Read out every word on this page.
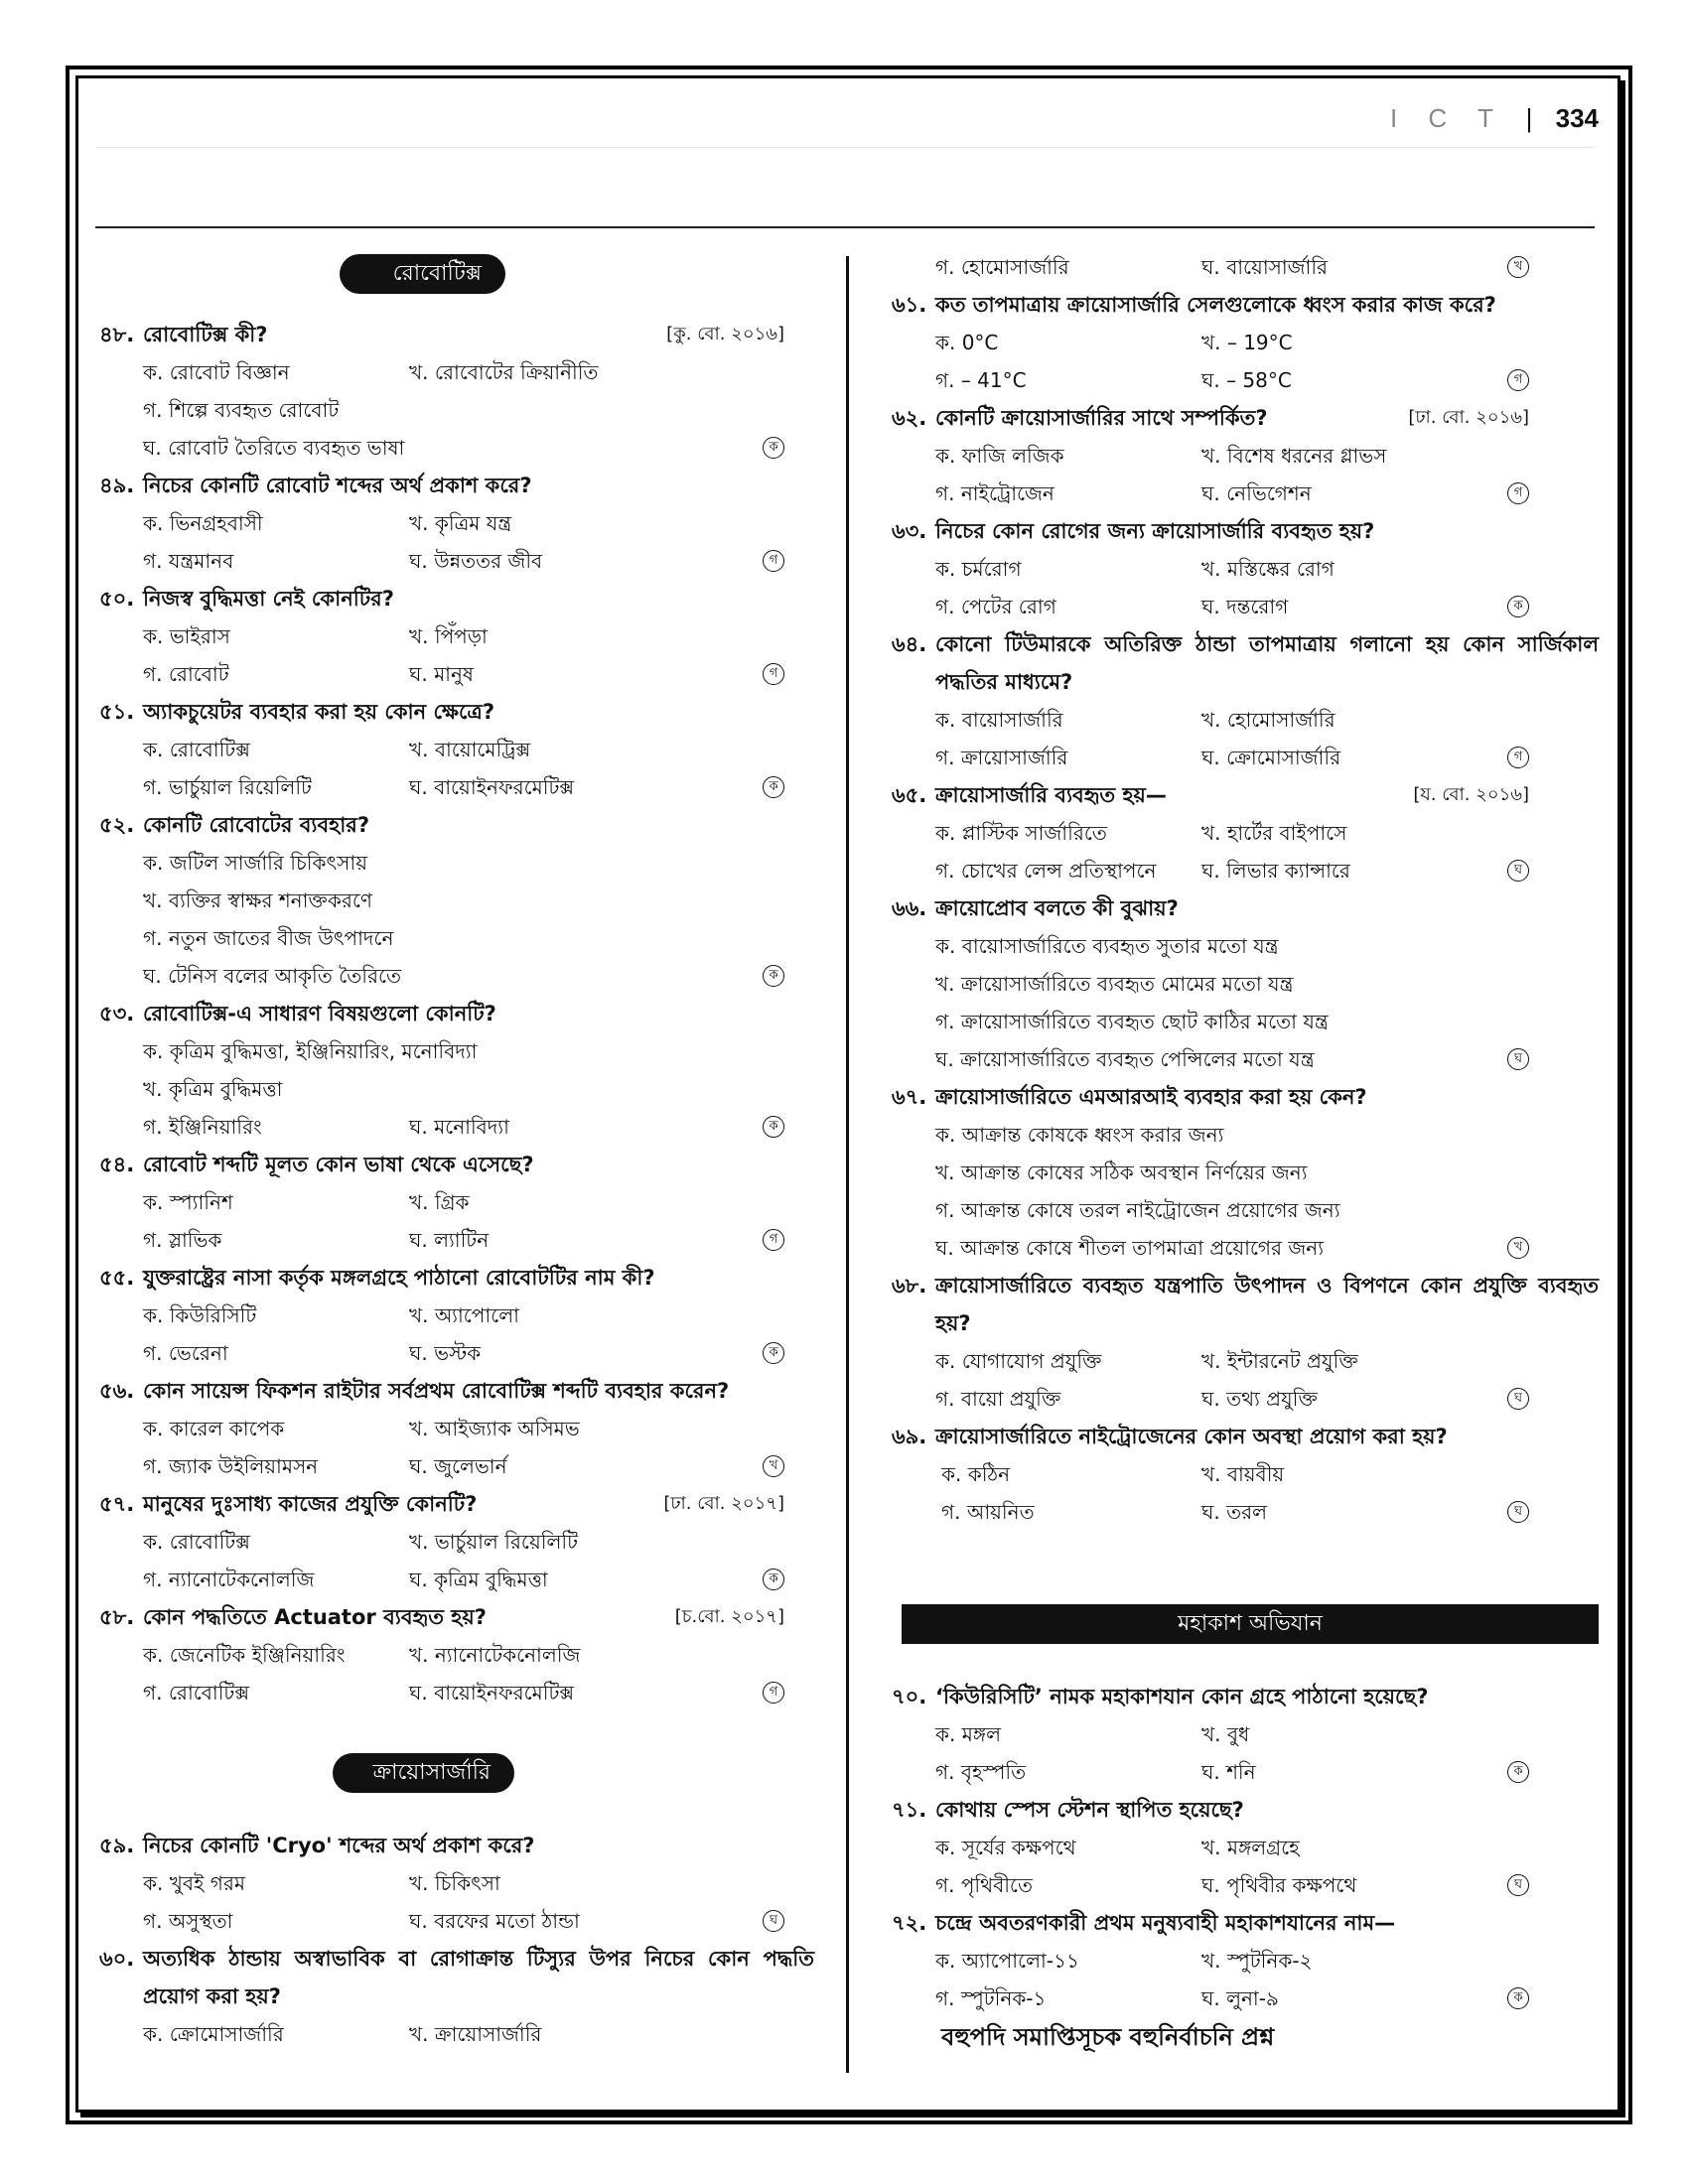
I C T | 334
রোবোটিক্স
৪৮. রোবোটিক্স কী?	[কু. বো. ২০১৬]
ক. রোবোট বিজ্ঞান	খ. রোবোটের ক্রিয়ানীতি
গ. শিল্পে ব্যবহৃত রোবোট
ঘ. রোবোট তৈরিতে ব্যবহৃত ভাষা	ক
৪৯. নিচের কোনটি রোবোট শব্দের অর্থ প্রকাশ করে?
ক. ভিনগ্রহবাসী	খ. কৃত্রিম যন্ত্র
গ. যন্ত্রমানব	ঘ. উন্নততর জীব	গ
৫০. নিজস্ব বুদ্ধিমত্তা নেই কোনটির?
ক. ভাইরাস	খ. পিঁপড়া
গ. রোবোট	ঘ. মানুষ	গ
৫১. অ্যাকচুয়েটর ব্যবহার করা হয় কোন ক্ষেত্রে?
ক. রোবোটিক্স	খ. বায়োমেট্রিক্স
গ. ভার্চুয়াল রিয়েলিটি	ঘ. বায়োইনফরমেটিক্স	ক
৫২. কোনটি রোবোটের ব্যবহার?
ক. জটিল সার্জারি চিকিৎসায়
খ. ব্যক্তির স্বাক্ষর শনাক্তকরণে
গ. নতুন জাতের বীজ উৎপাদনে
ঘ. টেনিস বলের আকৃতি তৈরিতে	ক
৫৩. রোবোটিক্স-এ সাধারণ বিষয়গুলো কোনটি?
ক. কৃত্রিম বুদ্ধিমত্তা, ইঞ্জিনিয়ারিং, মনোবিদ্যা
খ. কৃত্রিম বুদ্ধিমত্তা
গ. ইঞ্জিনিয়ারিং	ঘ. মনোবিদ্যা	ক
৫৪. রোবোট শব্দটি মূলত কোন ভাষা থেকে এসেছে?
ক. স্প্যানিশ	খ. গ্রিক
গ. স্লাভিক	ঘ. ল্যাটিন	গ
৫৫. যুক্তরাষ্ট্রের নাসা কর্তৃক মঙ্গলগ্রহে পাঠানো রোবোটটির নাম কী?
ক. কিউরিসিটি	খ. অ্যাপোলো
গ. ভেরেনা	ঘ. ভস্টক	ক
৫৬. কোন সায়েন্স ফিকশন রাইটার সর্বপ্রথম রোবোটিক্স শব্দটি ব্যবহার করেন?
ক. কারেল কাপেক	খ. আইজ্যাক অসিমভ
গ. জ্যাক উইলিয়ামসন	ঘ. জুলেভার্ন	খ
৫৭. মানুষের দুঃসাধ্য কাজের প্রযুক্তি কোনটি?	[ঢা. বো. ২০১৭]
ক. রোবোটিক্স	খ. ভার্চুয়াল রিয়েলিটি
গ. ন্যানোটেকনোলজি	ঘ. কৃত্রিম বুদ্ধিমত্তা	ক
৫৮. কোন পদ্ধতিতে Actuator ব্যবহৃত হয়?	[চ.বো. ২০১৭]
ক. জেনেটিক ইঞ্জিনিয়ারিং	খ. ন্যানোটেকনোলজি
গ. রোবোটিক্স	ঘ. বায়োইনফরমেটিক্স	গ
ক্রায়োসার্জারি
৫৯. নিচের কোনটি 'Cryo' শব্দের অর্থ প্রকাশ করে?
ক. খুবই গরম	খ. চিকিৎসা
গ. অসুস্থতা	ঘ. বরফের মতো ঠান্ডা	ঘ
৬০. অত্যধিক ঠান্ডায় অস্বাভাবিক বা রোগাক্রান্ত টিস্যুর উপর নিচের কোন পদ্ধতি প্রয়োগ করা হয়?
ক. ক্রোমোসার্জারি	খ. ক্রায়োসার্জারি
গ. হোমোসার্জারি	ঘ. বায়োসার্জারি	খ
৬১. কত তাপমাত্রায় ক্রায়োসার্জারি সেলগুলোকে ধ্বংস করার কাজ করে?
ক. 0°C	খ. – 19°C
গ. – 41°C	ঘ. – 58°C	গ
৬২. কোনটি ক্রায়োসার্জারির সাথে সম্পর্কিত?	[ঢা. বো. ২০১৬]
ক. ফাজি লজিক	খ. বিশেষ ধরনের গ্লাভস
গ. নাইট্রোজেন	ঘ. নেভিগেশন	গ
৬৩. নিচের কোন রোগের জন্য ক্রায়োসার্জারি ব্যবহৃত হয়?
ক. চর্মরোগ	খ. মস্তিষ্কের রোগ
গ. পেটের রোগ	ঘ. দন্তরোগ	ক
৬৪. কোনো টিউমারকে অতিরিক্ত ঠান্ডা তাপমাত্রায় গলানো হয় কোন সার্জিকাল পদ্ধতির মাধ্যমে?
ক. বায়োসার্জারি	খ. হোমোসার্জারি
গ. ক্রায়োসার্জারি	ঘ. ক্রোমোসার্জারি	গ
৬৫. ক্রায়োসার্জারি ব্যবহৃত হয়—	[য. বো. ২০১৬]
ক. প্লাস্টিক সার্জারিতে	খ. হার্টের বাইপাসে
গ. চোখের লেন্স প্রতিস্থাপনে ঘ. লিভার ক্যান্সারে	ঘ
৬৬. ক্রায়োপ্রোব বলতে কী বুঝায়?
ক. বায়োসার্জারিতে ব্যবহৃত সুতার মতো যন্ত্র
খ. ক্রায়োসার্জারিতে ব্যবহৃত মোমের মতো যন্ত্র
গ. ক্রায়োসার্জারিতে ব্যবহৃত ছোট কাঠির মতো যন্ত্র
ঘ. ক্রায়োসার্জারিতে ব্যবহৃত পেন্সিলের মতো যন্ত্র	ঘ
৬৭. ক্রায়োসার্জারিতে এমআরআই ব্যবহার করা হয় কেন?
ক. আক্রান্ত কোষকে ধ্বংস করার জন্য
খ. আক্রান্ত কোষের সঠিক অবস্থান নির্ণয়ের জন্য
গ. আক্রান্ত কোষে তরল নাইট্রোজেন প্রয়োগের জন্য
ঘ. আক্রান্ত কোষে শীতল তাপমাত্রা প্রয়োগের জন্য	খ
৬৮. ক্রায়োসার্জারিতে ব্যবহৃত যন্ত্রপাতি উৎপাদন ও বিপণনে কোন প্রযুক্তি ব্যবহৃত হয়?
ক. যোগাযোগ প্রযুক্তি	খ. ইন্টারনেট প্রযুক্তি
গ. বায়ো প্রযুক্তি	ঘ. তথ্য প্রযুক্তি	ঘ
৬৯. ক্রায়োসার্জারিতে নাইট্রোজেনের কোন অবস্থা প্রয়োগ করা হয়?
ক. কঠিন	খ. বায়বীয়
গ. আয়নিত	ঘ. তরল	ঘ
মহাকাশ অভিযান
৭০. ‘কিউরিসিটি’ নামক মহাকাশযান কোন গ্রহে পাঠানো হয়েছে?
ক. মঙ্গল	খ. বুধ
গ. বৃহস্পতি	ঘ. শনি	ক
৭১. কোথায় স্পেস স্টেশন স্থাপিত হয়েছে?
ক. সূর্যের কক্ষপথে	খ. মঙ্গলগ্রহে
গ. পৃথিবীতে	ঘ. পৃথিবীর কক্ষপথে	ঘ
৭২. চন্দ্রে অবতরণকারী প্রথম মনুষ্যবাহী মহাকাশযানের নাম—
ক. অ্যাপোলো-১১	খ. স্পুটনিক-২
গ. স্পুটনিক-১	ঘ. লুনা-৯	ক
বহুপদি সমাপ্তিসূচক বহুনির্বাচনি প্রশ্ন
